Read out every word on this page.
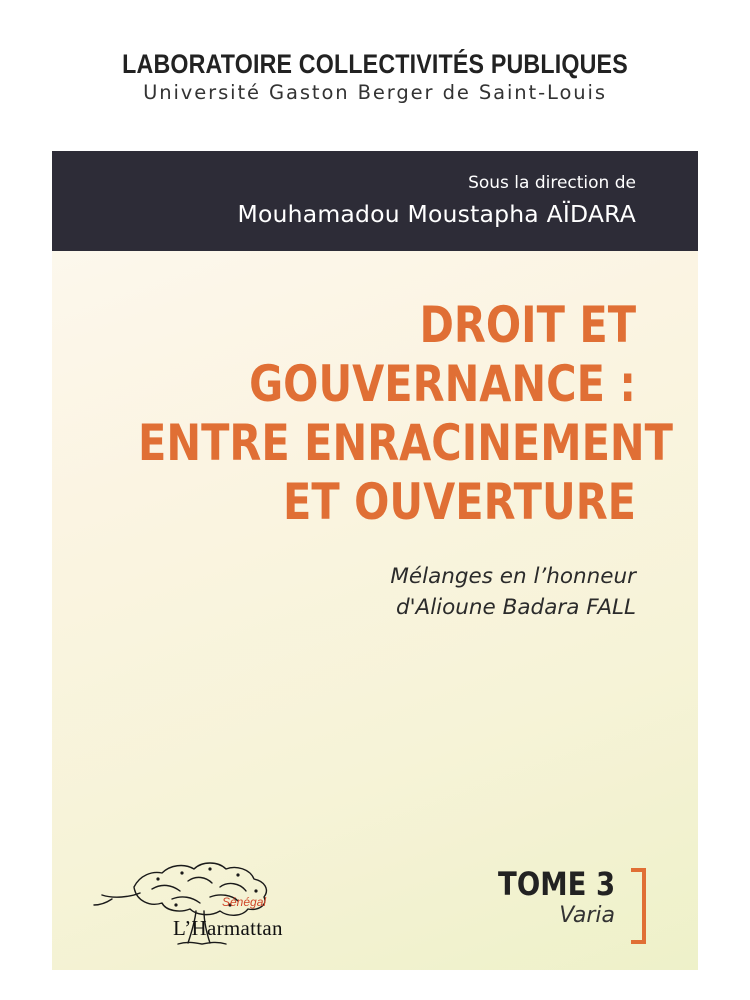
LABORATOIRE COLLECTIVITÉS PUBLIQUES
Université Gaston Berger de Saint-Louis
Sous la direction de
Mouhamadou Moustapha AÏDARA
DROIT ET
GOUVERNANCE :
ENTRE ENRACINEMENT
ET OUVERTURE
Mélanges en l’honneur
d'Alioune Badara FALL
Sénégal
L’Harmattan
TOME 3
Varia
